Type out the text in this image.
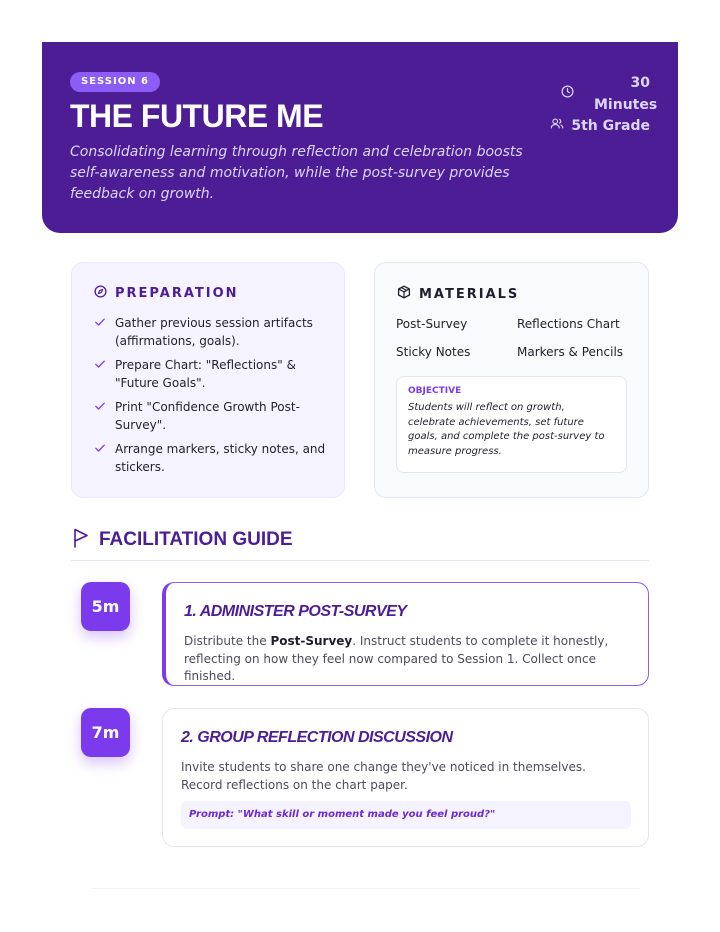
SESSION 6
THE FUTURE ME
Consolidating learning through reflection and celebration boosts self-awareness and motivation, while the post-survey provides feedback on growth.
30 Minutes
5th Grade
PREPARATION
Gather previous session artifacts (affirmations, goals).
Prepare Chart: "Reflections" & "Future Goals".
Print "Confidence Growth Post-Survey".
Arrange markers, sticky notes, and stickers.
MATERIALS
Post-Survey	Reflections Chart
Sticky Notes	Markers & Pencils
OBJECTIVE
Students will reflect on growth, celebrate achievements, set future goals, and complete the post-survey to measure progress.
FACILITATION GUIDE
5m	1. ADMINISTER POST-SURVEY
Distribute the Post-Survey. Instruct students to complete it honestly, reflecting on how they feel now compared to Session 1. Collect once finished.
7m	2. GROUP REFLECTION DISCUSSION
Invite students to share one change they've noticed in themselves. Record reflections on the chart paper.
Prompt: "What skill or moment made you feel proud?"
